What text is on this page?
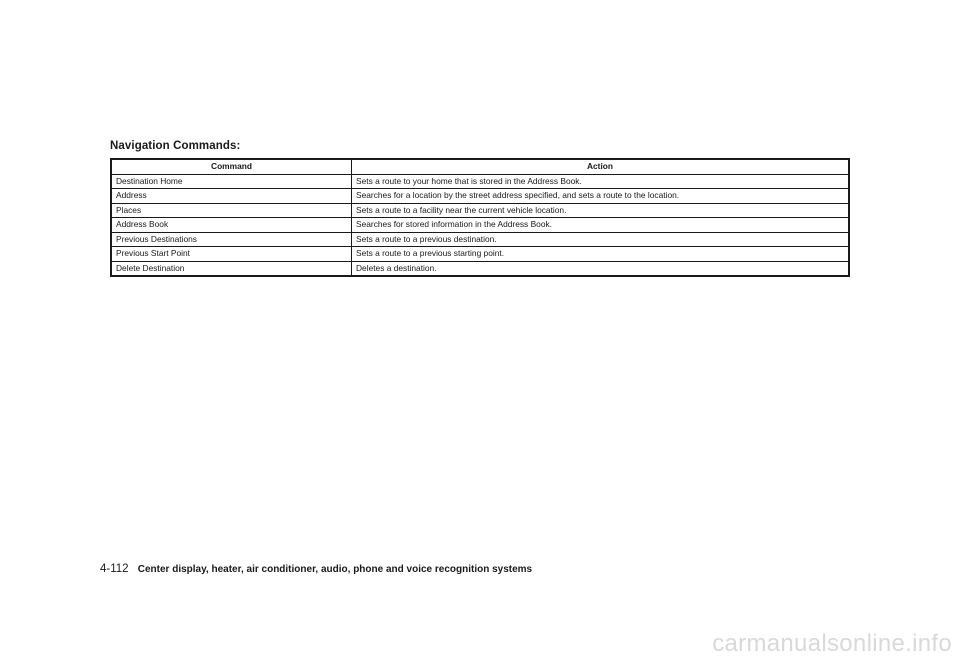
Navigation Commands:
Command	Action
Destination Home	Sets a route to your home that is stored in the Address Book.
Address	Searches for a location by the street address specified, and sets a route to the location.
Places	Sets a route to a facility near the current vehicle location.
Address Book	Searches for stored information in the Address Book.
Previous Destinations	Sets a route to a previous destination.
Previous Start Point	Sets a route to a previous starting point.
Delete Destination	Deletes a destination.
4-112 Center display, heater, air conditioner, audio, phone and voice recognition systems
carmanualsonline.info
